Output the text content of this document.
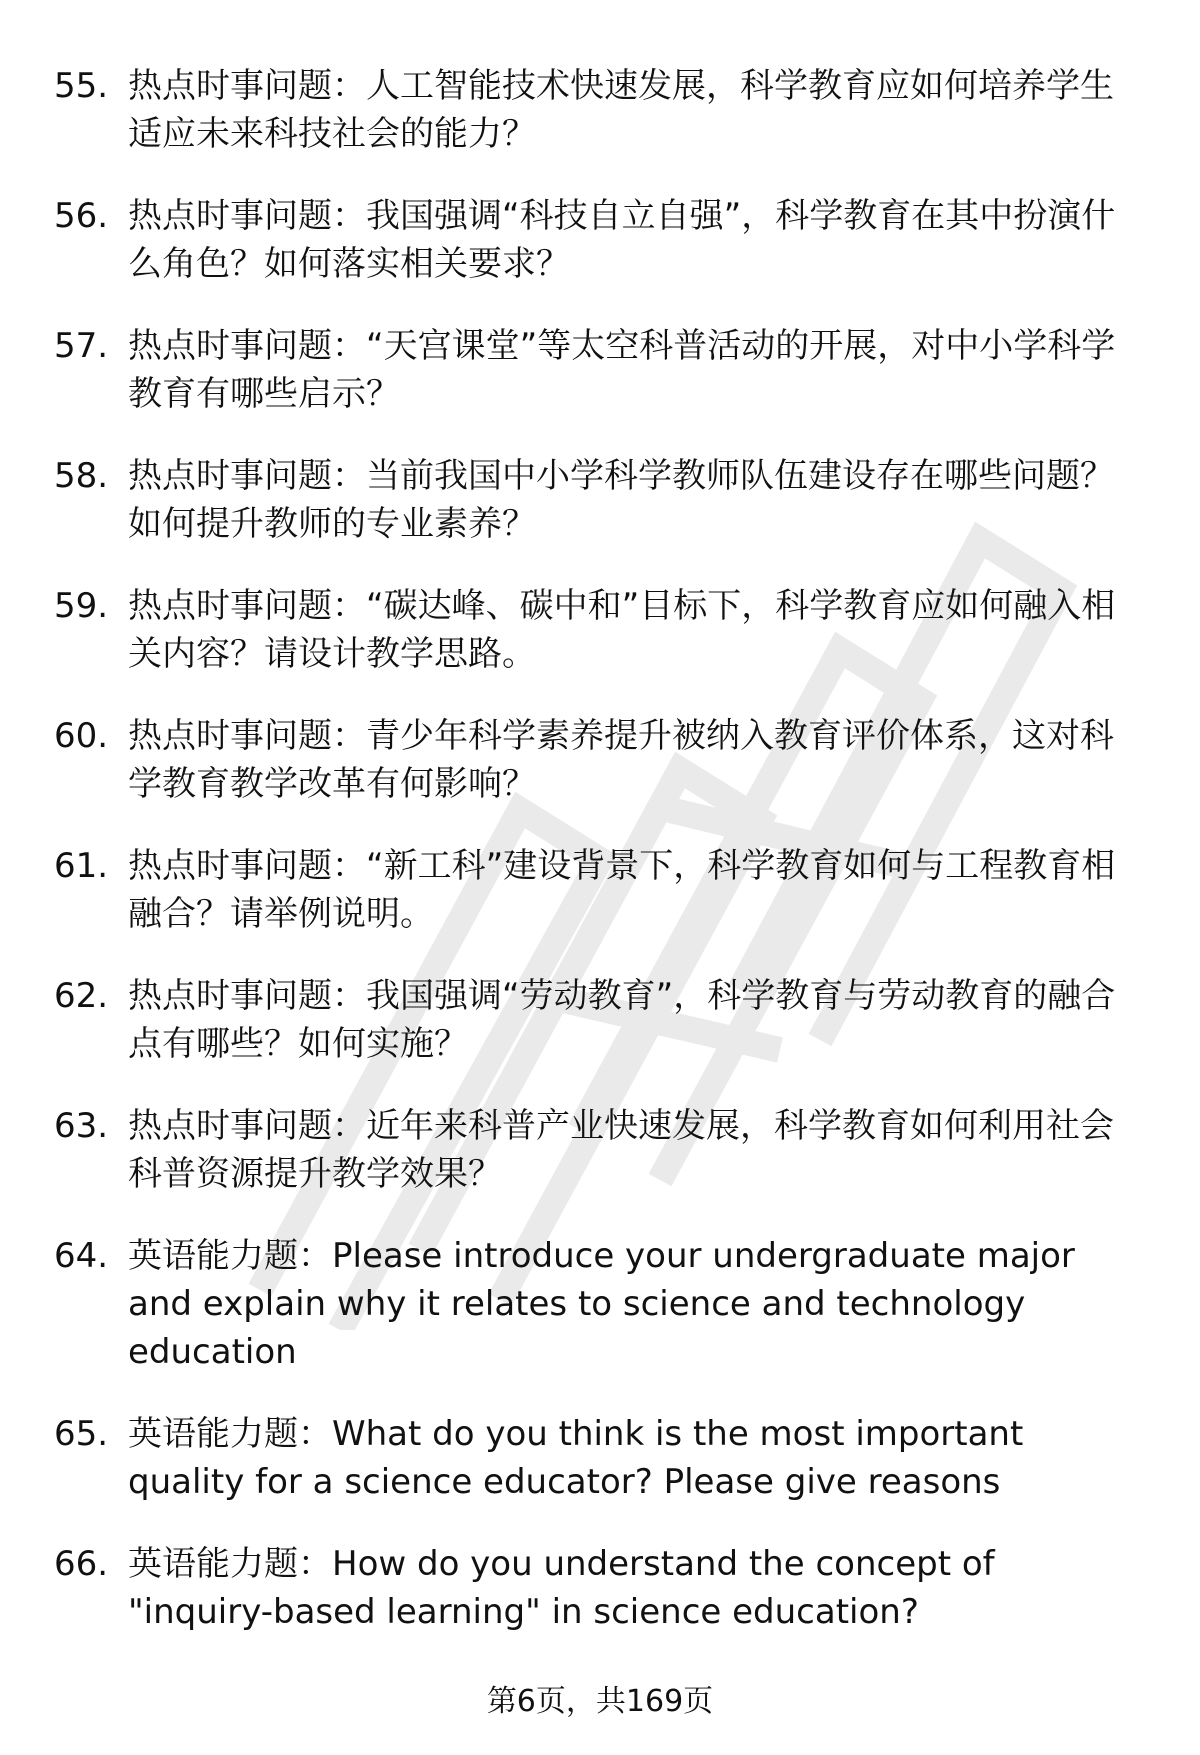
55. 热点时事问题：人工智能技术快速发展，科学教育应如何培养学生适应未来科技社会的能力？
56. 热点时事问题：我国强调“科技自立自强”，科学教育在其中扮演什么角色？如何落实相关要求？
57. 热点时事问题：“天宫课堂”等太空科普活动的开展，对中小学科学教育有哪些启示？
58. 热点时事问题：当前我国中小学科学教师队伍建设存在哪些问题？如何提升教师的专业素养？
59. 热点时事问题：“碳达峰、碳中和”目标下，科学教育应如何融入相关内容？请设计教学思路。
60. 热点时事问题：青少年科学素养提升被纳入教育评价体系，这对科学教育教学改革有何影响？
61. 热点时事问题：“新工科”建设背景下，科学教育如何与工程教育相融合？请举例说明。
62. 热点时事问题：我国强调“劳动教育”，科学教育与劳动教育的融合点有哪些？如何实施？
63. 热点时事问题：近年来科普产业快速发展，科学教育如何利用社会科普资源提升教学效果？
64. 英语能力题：Please introduce your undergraduate major and explain why it relates to science and technology education
65. 英语能力题：What do you think is the most important quality for a science educator? Please give reasons
66. 英语能力题：How do you understand the concept of "inquiry-based learning" in science education?
第6页，共169页
